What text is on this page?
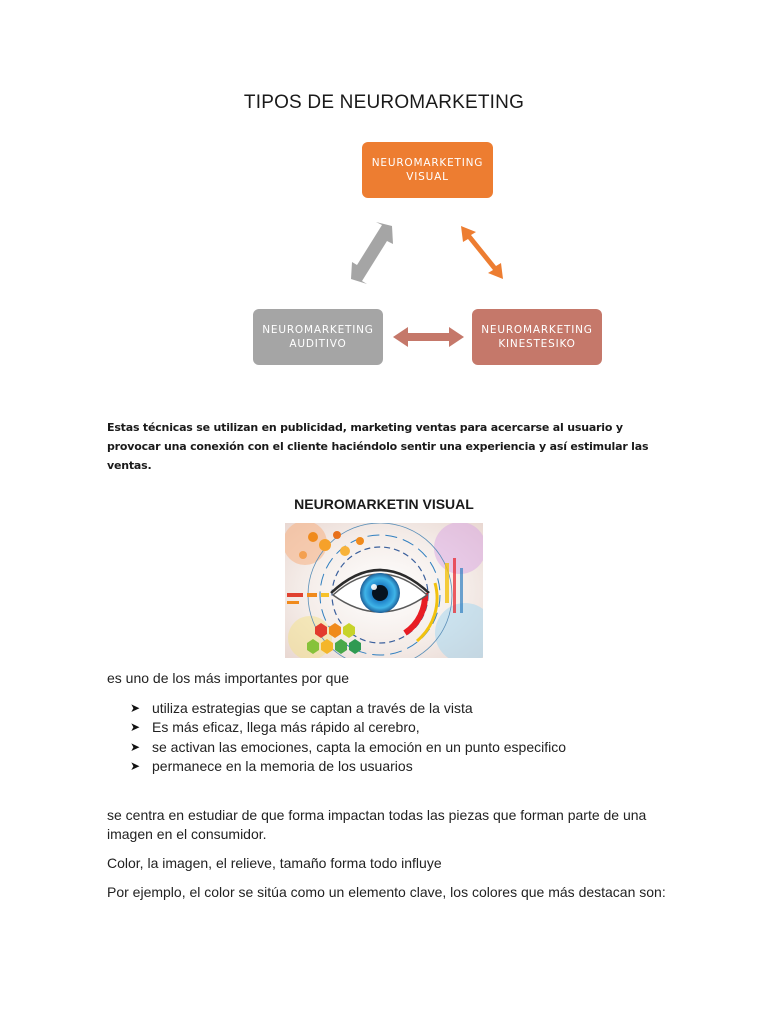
TIPOS DE NEUROMARKETING
NEUROMARKETING
VISUAL
NEUROMARKETING
AUDITIVO
NEUROMARKETING
KINESTESIKO
Estas técnicas se utilizan en publicidad, marketing ventas para acercarse al usuario y provocar una conexión con el cliente haciéndolo sentir una experiencia y así estimular las ventas.
NEUROMARKETIN VISUAL
es uno de los más importantes por que
➤ utiliza estrategias que se captan a través de la vista
➤ Es más eficaz, llega más rápido al cerebro,
➤ se activan las emociones, capta la emoción en un punto especifico
➤ permanece en la memoria de los usuarios
se centra en estudiar de que forma impactan todas las piezas que forman parte de una imagen en el consumidor.
Color, la imagen, el relieve, tamaño forma todo influye
Por ejemplo, el color se sitúa como un elemento clave, los colores que más destacan son:
